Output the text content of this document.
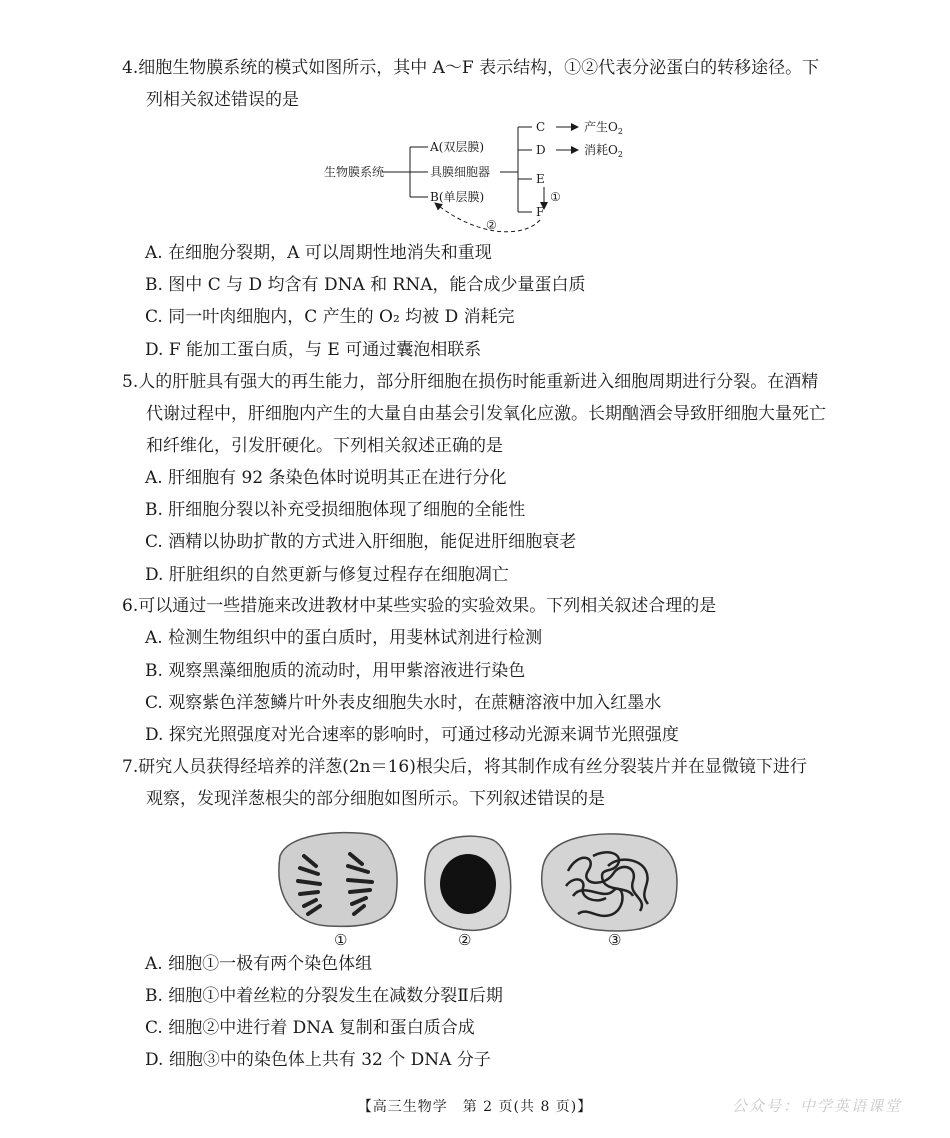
4.细胞生物膜系统的模式如图所示，其中 A～F 表示结构，①②代表分泌蛋白的转移途径。下
列相关叙述错误的是
生物膜系统
A(双层膜)
具膜细胞器
B(单层膜)
C	产生$O_2$
D	消耗$O_2$
E
①
F
②
A. 在细胞分裂期，A 可以周期性地消失和重现
B. 图中 C 与 D 均含有 DNA 和 RNA，能合成少量蛋白质
C. 同一叶肉细胞内，C 产生的 O₂ 均被 D 消耗完
D. F 能加工蛋白质，与 E 可通过囊泡相联系
5.人的肝脏具有强大的再生能力，部分肝细胞在损伤时能重新进入细胞周期进行分裂。在酒精
代谢过程中，肝细胞内产生的大量自由基会引发氧化应激。长期酗酒会导致肝细胞大量死亡
和纤维化，引发肝硬化。下列相关叙述正确的是
A. 肝细胞有 92 条染色体时说明其正在进行分化
B. 肝细胞分裂以补充受损细胞体现了细胞的全能性
C. 酒精以协助扩散的方式进入肝细胞，能促进肝细胞衰老
D. 肝脏组织的自然更新与修复过程存在细胞凋亡
6.可以通过一些措施来改进教材中某些实验的实验效果。下列相关叙述合理的是
A. 检测生物组织中的蛋白质时，用斐林试剂进行检测
B. 观察黑藻细胞质的流动时，用甲紫溶液进行染色
C. 观察紫色洋葱鳞片叶外表皮细胞失水时，在蔗糖溶液中加入红墨水
D. 探究光照强度对光合速率的影响时，可通过移动光源来调节光照强度
7.研究人员获得经培养的洋葱(2n＝16)根尖后，将其制作成有丝分裂装片并在显微镜下进行
观察，发现洋葱根尖的部分细胞如图所示。下列叙述错误的是
①	②	③
A. 细胞①一极有两个染色体组
B. 细胞①中着丝粒的分裂发生在减数分裂Ⅱ后期
C. 细胞②中进行着 DNA 复制和蛋白质合成
D. 细胞③中的染色体上共有 32 个 DNA 分子
【高三生物学　第 2 页(共 8 页)】	公众号：中学英语课堂
